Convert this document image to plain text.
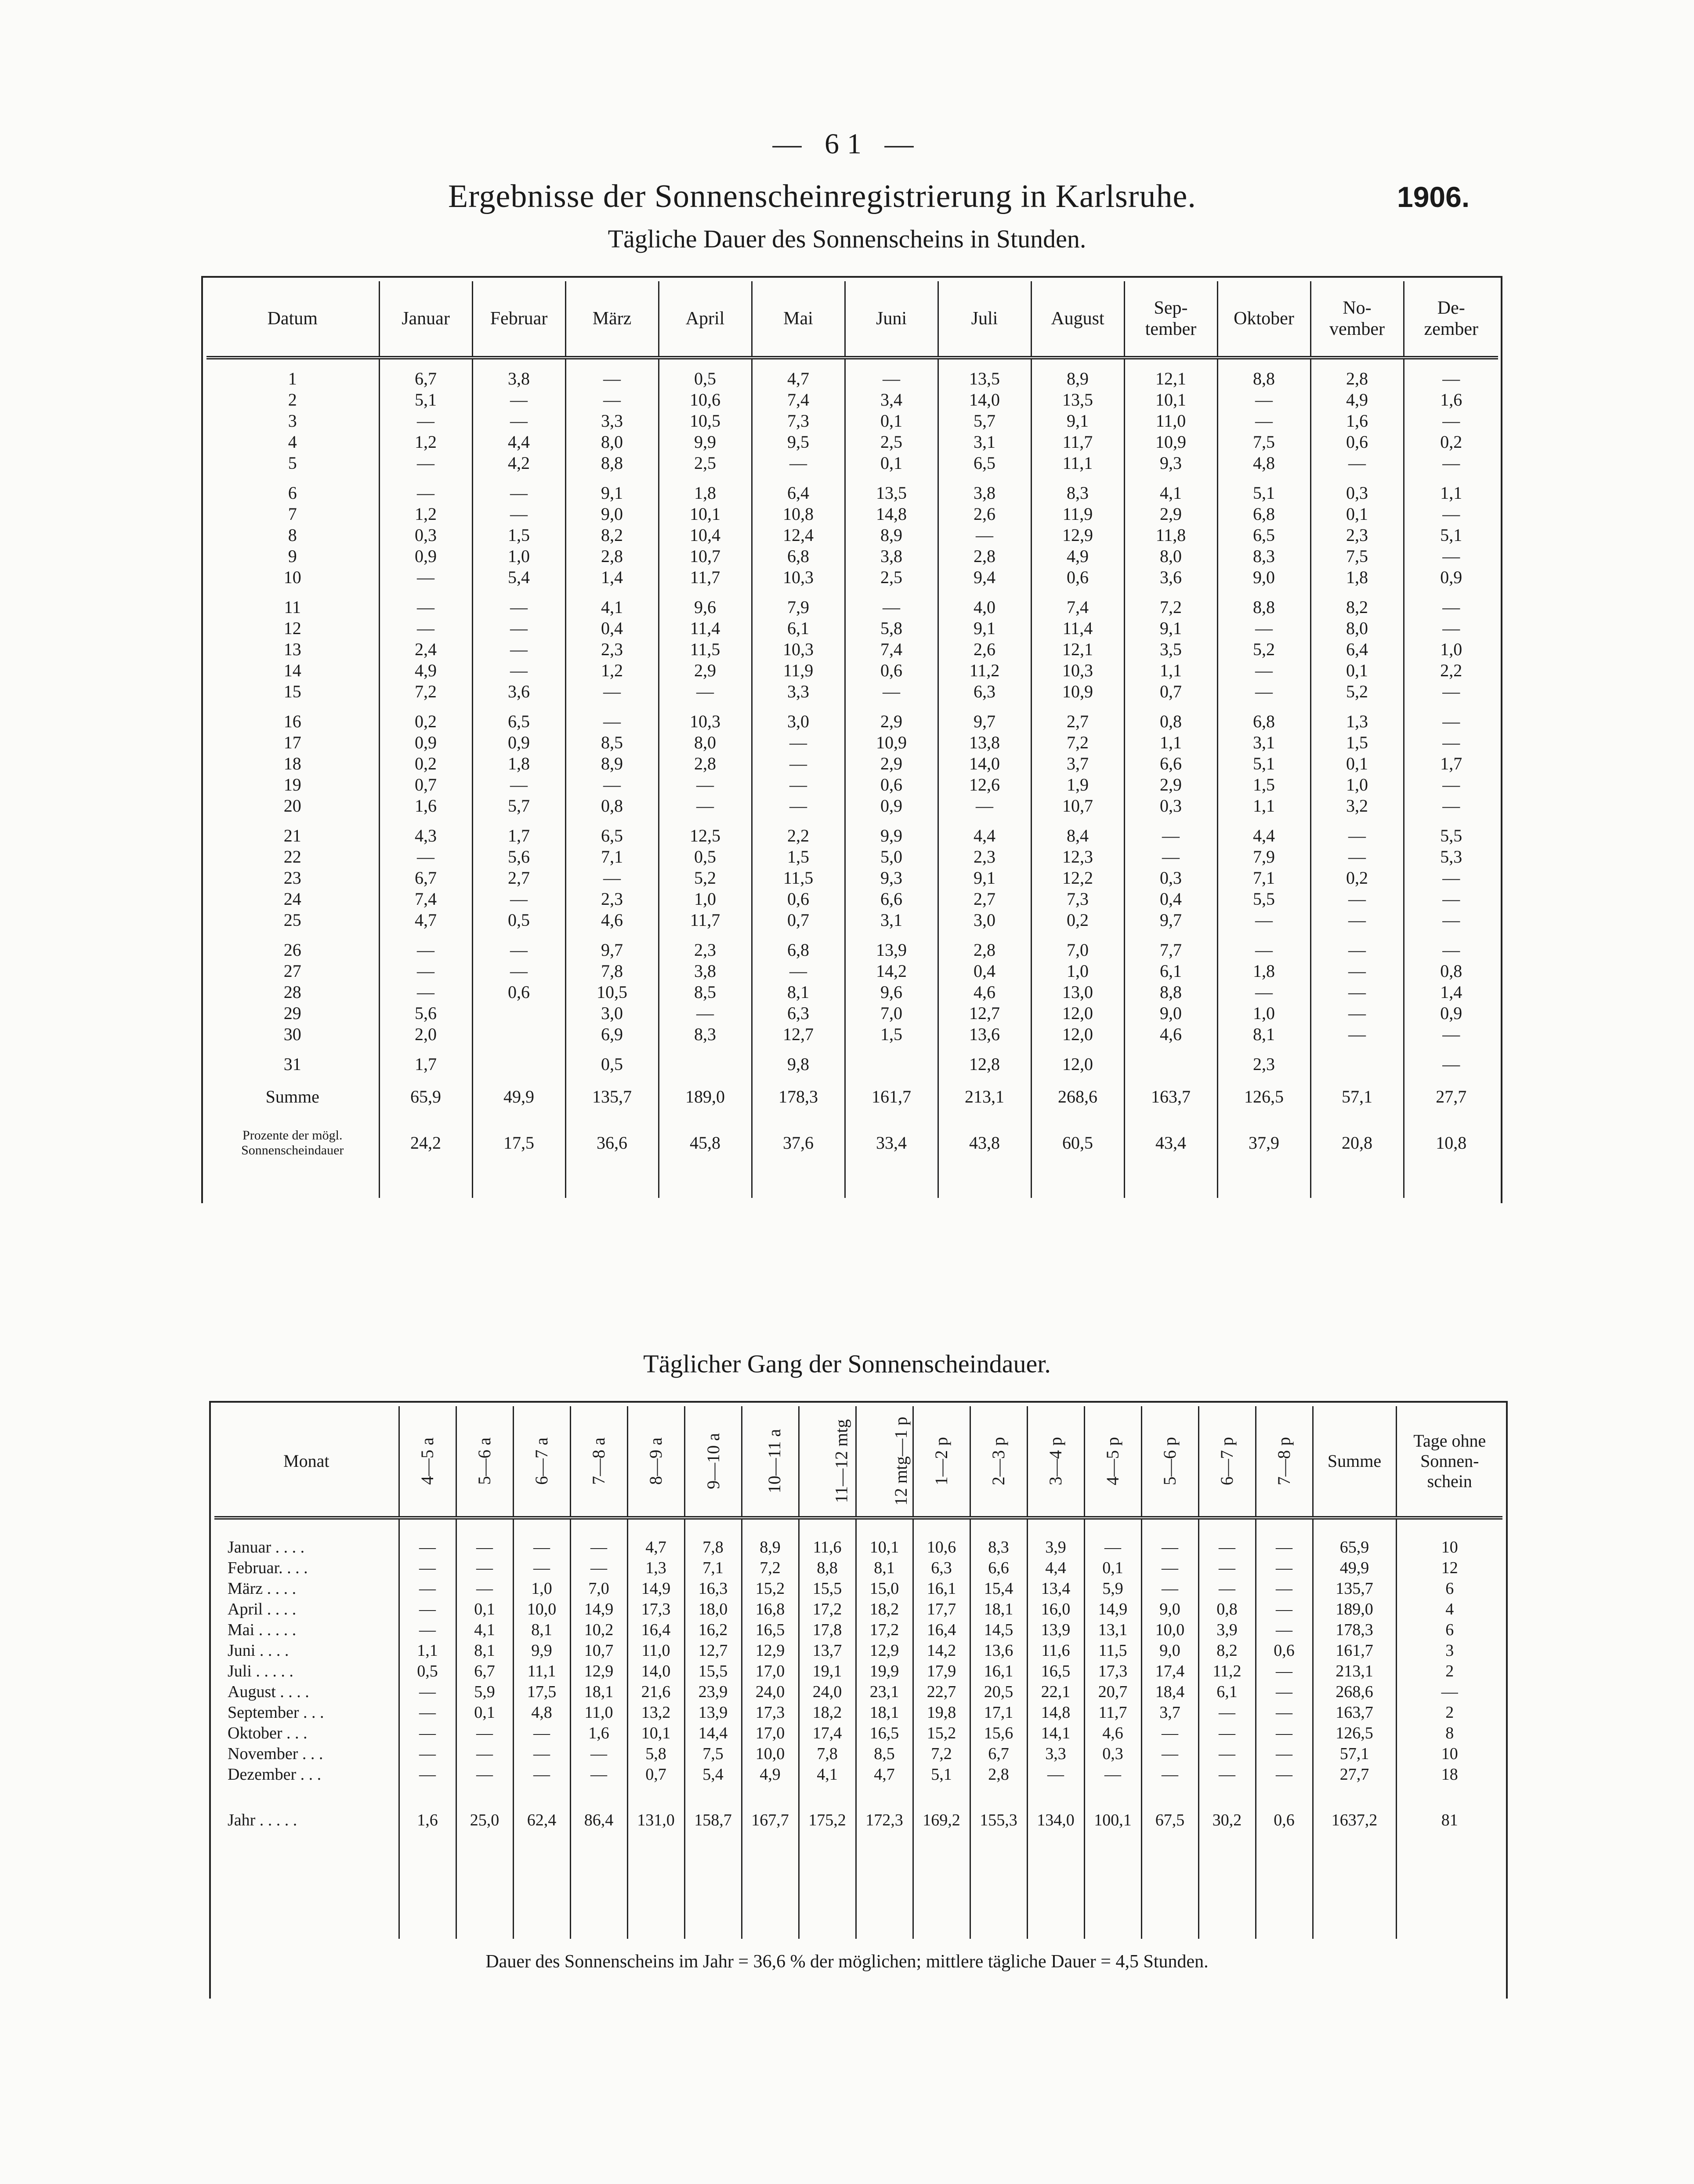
— 61 —
Ergebnisse der Sonnenscheinregistrierung in Karlsruhe.	1906.
Tägliche Dauer des Sonnenscheins in Stunden.
Datum	Januar	Februar	März	April	Mai	Juni	Juli	August	Sep-
tember	Oktober	No-
vember	De-
zember

1	6,7	3,8	—	0,5	4,7	—	13,5	8,9	12,1	8,8	2,8	—
2	5,1	—	—	10,6	7,4	3,4	14,0	13,5	10,1	—	4,9	1,6
3	—	—	3,3	10,5	7,3	0,1	5,7	9,1	11,0	—	1,6	—
4	1,2	4,4	8,0	9,9	9,5	2,5	3,1	11,7	10,9	7,5	0,6	0,2
5	—	4,2	8,8	2,5	—	0,1	6,5	11,1	9,3	4,8	—	—

6	—	—	9,1	1,8	6,4	13,5	3,8	8,3	4,1	5,1	0,3	1,1
7	1,2	—	9,0	10,1	10,8	14,8	2,6	11,9	2,9	6,8	0,1	—
8	0,3	1,5	8,2	10,4	12,4	8,9	—	12,9	11,8	6,5	2,3	5,1
9	0,9	1,0	2,8	10,7	6,8	3,8	2,8	4,9	8,0	8,3	7,5	—
10	—	5,4	1,4	11,7	10,3	2,5	9,4	0,6	3,6	9,0	1,8	0,9

11	—	—	4,1	9,6	7,9	—	4,0	7,4	7,2	8,8	8,2	—
12	—	—	0,4	11,4	6,1	5,8	9,1	11,4	9,1	—	8,0	—
13	2,4	—	2,3	11,5	10,3	7,4	2,6	12,1	3,5	5,2	6,4	1,0
14	4,9	—	1,2	2,9	11,9	0,6	11,2	10,3	1,1	—	0,1	2,2
15	7,2	3,6	—	—	3,3	—	6,3	10,9	0,7	—	5,2	—

16	0,2	6,5	—	10,3	3,0	2,9	9,7	2,7	0,8	6,8	1,3	—
17	0,9	0,9	8,5	8,0	—	10,9	13,8	7,2	1,1	3,1	1,5	—
18	0,2	1,8	8,9	2,8	—	2,9	14,0	3,7	6,6	5,1	0,1	1,7
19	0,7	—	—	—	—	0,6	12,6	1,9	2,9	1,5	1,0	—
20	1,6	5,7	0,8	—	—	0,9	—	10,7	0,3	1,1	3,2	—

21	4,3	1,7	6,5	12,5	2,2	9,9	4,4	8,4	—	4,4	—	5,5
22	—	5,6	7,1	0,5	1,5	5,0	2,3	12,3	—	7,9	—	5,3
23	6,7	2,7	—	5,2	11,5	9,3	9,1	12,2	0,3	7,1	0,2	—
24	7,4	—	2,3	1,0	0,6	6,6	2,7	7,3	0,4	5,5	—	—
25	4,7	0,5	4,6	11,7	0,7	3,1	3,0	0,2	9,7	—	—	—

26	—	—	9,7	2,3	6,8	13,9	2,8	7,0	7,7	—	—	—
27	—	—	7,8	3,8	—	14,2	0,4	1,0	6,1	1,8	—	0,8
28	—	0,6	10,5	8,5	8,1	9,6	4,6	13,0	8,8	—	—	1,4
29	5,6		3,0	—	6,3	7,0	12,7	12,0	9,0	1,0	—	0,9
30	2,0		6,9	8,3	12,7	1,5	13,6	12,0	4,6	8,1	—	—

31	1,7		0,5		9,8		12,8	12,0		2,3		—
Summe	65,9	49,9	135,7	189,0	178,3	161,7	213,1	268,6	163,7	126,5	57,1	27,7
Prozente der mögl. Sonnenscheindauer	24,2	17,5	36,6	45,8	37,6	33,4	43,8	60,5	43,4	37,9	20,8	10,8

Täglicher Gang der Sonnenscheindauer.
Monat	4—5 a	5—6 a	6—7 a	7—8 a	8—9 a	9—10 a	10—11 a	11—12 mtg	12 mtg—1 p	1—2 p	2—3 p	3—4 p	4—5 p	5—6 p	6—7 p	7—8 p	Summe	Tage ohne
Sonnen-
schein

Januar . . . .	—	—	—	—	4,7	7,8	8,9	11,6	10,1	10,6	8,3	3,9	—	—	—	—	65,9	10
Februar. . . .	—	—	—	—	1,3	7,1	7,2	8,8	8,1	6,3	6,6	4,4	0,1	—	—	—	49,9	12
März . . . .	—	—	1,0	7,0	14,9	16,3	15,2	15,5	15,0	16,1	15,4	13,4	5,9	—	—	—	135,7	6
April . . . .	—	0,1	10,0	14,9	17,3	18,0	16,8	17,2	18,2	17,7	18,1	16,0	14,9	9,0	0,8	—	189,0	4
Mai . . . . .	—	4,1	8,1	10,2	16,4	16,2	16,5	17,8	17,2	16,4	14,5	13,9	13,1	10,0	3,9	—	178,3	6
Juni . . . .	1,1	8,1	9,9	10,7	11,0	12,7	12,9	13,7	12,9	14,2	13,6	11,6	11,5	9,0	8,2	0,6	161,7	3
Juli . . . . .	0,5	6,7	11,1	12,9	14,0	15,5	17,0	19,1	19,9	17,9	16,1	16,5	17,3	17,4	11,2	—	213,1	2
August . . . .	—	5,9	17,5	18,1	21,6	23,9	24,0	24,0	23,1	22,7	20,5	22,1	20,7	18,4	6,1	—	268,6	—
September . . .	—	0,1	4,8	11,0	13,2	13,9	17,3	18,2	18,1	19,8	17,1	14,8	11,7	3,7	—	—	163,7	2
Oktober . . .	—	—	—	1,6	10,1	14,4	17,0	17,4	16,5	15,2	15,6	14,1	4,6	—	—	—	126,5	8
November . . .	—	—	—	—	5,8	7,5	10,0	7,8	8,5	7,2	6,7	3,3	0,3	—	—	—	57,1	10
Dezember . . .	—	—	—	—	0,7	5,4	4,9	4,1	4,7	5,1	2,8	—	—	—	—	—	27,7	18

Jahr . . . . .	1,6	25,0	62,4	86,4	131,0	158,7	167,7	175,2	172,3	169,2	155,3	134,0	100,1	67,5	30,2	0,6	1637,2	81

Dauer des Sonnenscheins im Jahr = 36,6 % der möglichen; mittlere tägliche Dauer = 4,5 Stunden.
